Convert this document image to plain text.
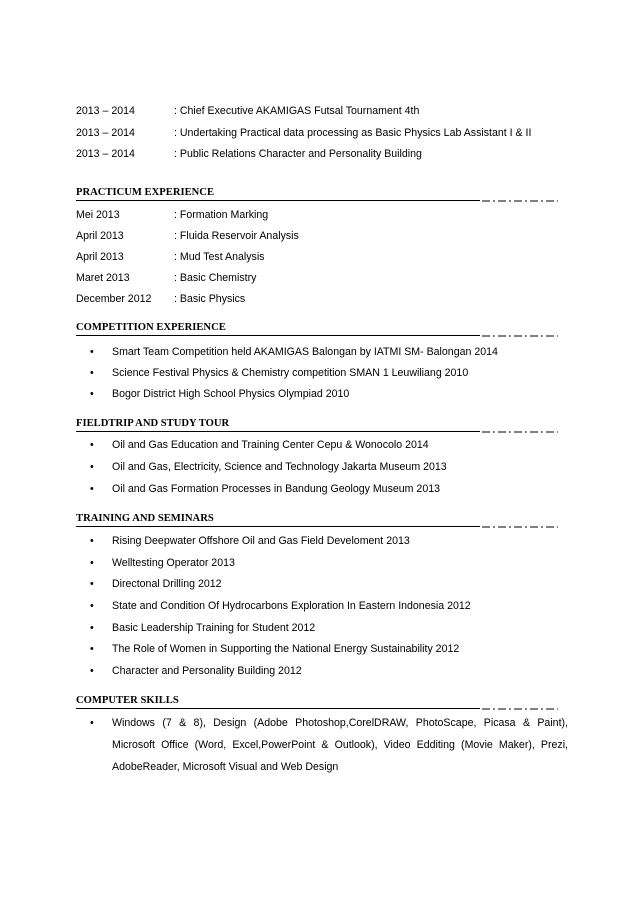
2013 – 2014	: Chief Executive AKAMIGAS Futsal Tournament 4th
2013 – 2014	: Undertaking Practical data processing as Basic Physics Lab Assistant I & II
2013 – 2014	: Public Relations Character and Personality Building
PRACTICUM EXPERIENCE
Mei 2013	: Formation Marking
April 2013	: Fluida Reservoir Analysis
April 2013	: Mud Test Analysis
Maret 2013	: Basic Chemistry
December 2012 : Basic Physics
COMPETITION EXPERIENCE
• Smart Team Competition held AKAMIGAS Balongan by IATMI SM- Balongan 2014
• Science Festival Physics & Chemistry competition SMAN 1 Leuwiliang 2010
• Bogor District High School Physics Olympiad 2010
FIELDTRIP AND STUDY TOUR
• Oil and Gas Education and Training Center Cepu & Wonocolo 2014
• Oil and Gas, Electricity, Science and Technology Jakarta Museum 2013
• Oil and Gas Formation Processes in Bandung Geology Museum 2013
TRAINING AND SEMINARS
• Rising Deepwater Offshore Oil and Gas Field Develoment 2013
• Welltesting Operator 2013
• Directonal Drilling 2012
• State and Condition Of Hydrocarbons Exploration In Eastern Indonesia 2012
• Basic Leadership Training for Student 2012
• The Role of Women in Supporting the National Energy Sustainability 2012
• Character and Personality Building 2012
COMPUTER SKILLS
• Windows (7 & 8), Design (Adobe Photoshop,CorelDRAW, PhotoScape, Picasa & Paint), Microsoft Office (Word, Excel,PowerPoint & Outlook), Video Edditing (Movie Maker), Prezi, AdobeReader, Microsoft Visual and Web Design
